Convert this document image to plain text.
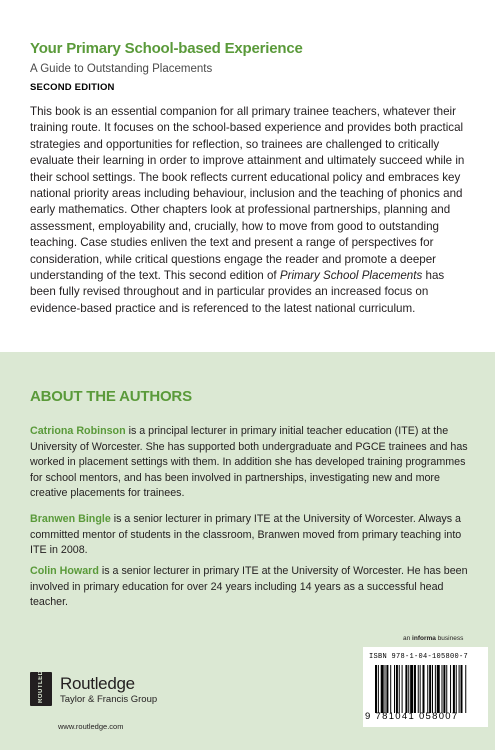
Your Primary School-based Experience
A Guide to Outstanding Placements
SECOND EDITION

This book is an essential companion for all primary trainee teachers, whatever their training route. It focuses on the school-based experience and provides both practical strategies and opportunities for reflection, so trainees are challenged to critically evaluate their learning in order to improve attainment and ultimately succeed while in their school settings. The book reflects current educational policy and embraces key national priority areas including behaviour, inclusion and the teaching of phonics and early mathematics. Other chapters look at professional partnerships, planning and assessment, employability and, crucially, how to move from good to outstanding teaching. Case studies enliven the text and present a range of perspectives for consideration, while critical questions engage the reader and promote a deeper understanding of the text. This second edition of Primary School Placements has been fully revised throughout and in particular provides an increased focus on evidence-based practice and is referenced to the latest national curriculum.

ABOUT THE AUTHORS

Catriona Robinson is a principal lecturer in primary initial teacher education (ITE) at the University of Worcester. She has supported both undergraduate and PGCE trainees and has worked in placement settings with them. In addition she has developed training programmes for school mentors, and has been involved in partnerships, investigating new and more creative placements for trainees.

Branwen Bingle is a senior lecturer in primary ITE at the University of Worcester. Always a committed mentor of students in the classroom, Branwen moved from primary teaching into ITE in 2008.

Colin Howard is a senior lecturer in primary ITE at the University of Worcester. He has been involved in primary education for over 24 years including 14 years as a successful head teacher.

ROUTLEDGE Routledge
Taylor & Francis Group
www.routledge.com
an informa business
ISBN 978-1-04-105800-7
9 781041 058007
